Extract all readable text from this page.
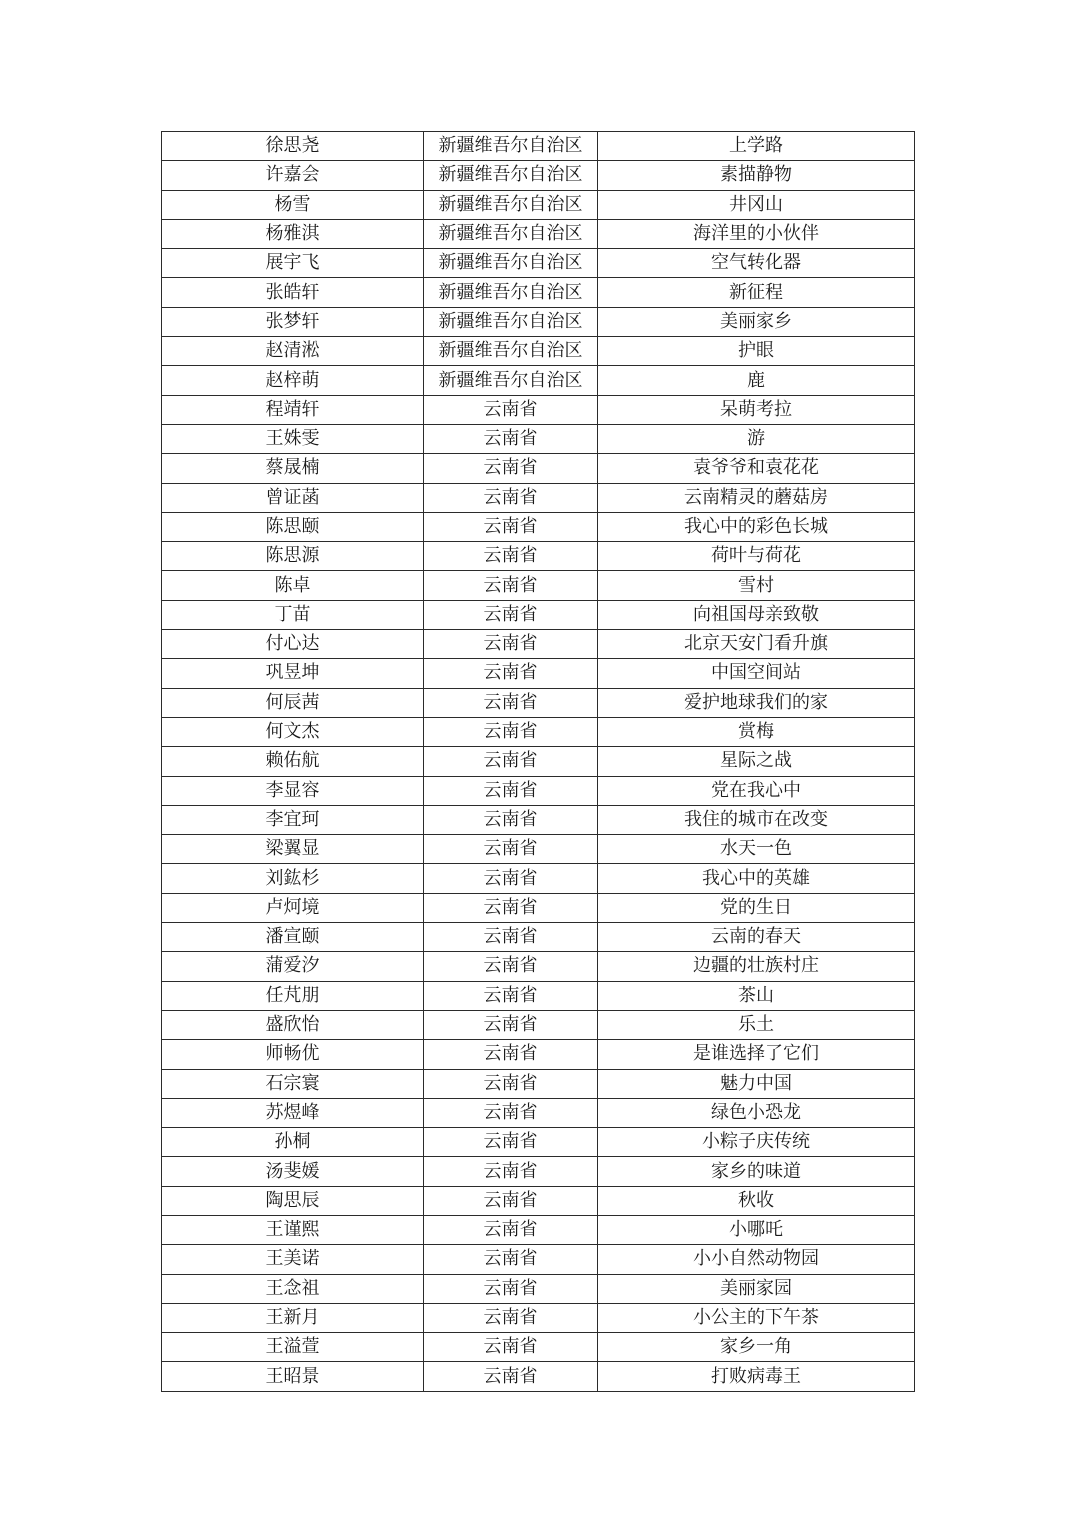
徐思尧	新疆维吾尔自治区	上学路
许嘉会	新疆维吾尔自治区	素描静物
杨雪	新疆维吾尔自治区	井冈山
杨雅淇	新疆维吾尔自治区	海洋里的小伙伴
展宇飞	新疆维吾尔自治区	空气转化器
张皓轩	新疆维吾尔自治区	新征程
张梦轩	新疆维吾尔自治区	美丽家乡
赵清淞	新疆维吾尔自治区	护眼
赵梓萌	新疆维吾尔自治区	鹿
程靖轩	云南省	呆萌考拉
王姝雯	云南省	游
蔡晟楠	云南省	袁爷爷和袁花花
曾证菡	云南省	云南精灵的蘑菇房
陈思颐	云南省	我心中的彩色长城
陈思源	云南省	荷叶与荷花
陈卓	云南省	雪村
丁苗	云南省	向祖国母亲致敬
付心达	云南省	北京天安门看升旗
巩昱坤	云南省	中国空间站
何辰茜	云南省	爱护地球我们的家
何文杰	云南省	赏梅
赖佑航	云南省	星际之战
李显容	云南省	党在我心中
李宜珂	云南省	我住的城市在改变
梁翼显	云南省	水天一色
刘鈜杉	云南省	我心中的英雄
卢炣境	云南省	党的生日
潘宣颐	云南省	云南的春天
蒲爱汐	云南省	边疆的壮族村庄
任芃朋	云南省	茶山
盛欣怡	云南省	乐土
师畅优	云南省	是谁选择了它们
石宗寰	云南省	魅力中国
苏煜峰	云南省	绿色小恐龙
孙桐	云南省	小粽子庆传统
汤斐媛	云南省	家乡的味道
陶思辰	云南省	秋收
王谨熙	云南省	小哪吒
王美诺	云南省	小小自然动物园
王念祖	云南省	美丽家园
王新月	云南省	小公主的下午茶
王溢萱	云南省	家乡一角
王昭景	云南省	打败病毒王
